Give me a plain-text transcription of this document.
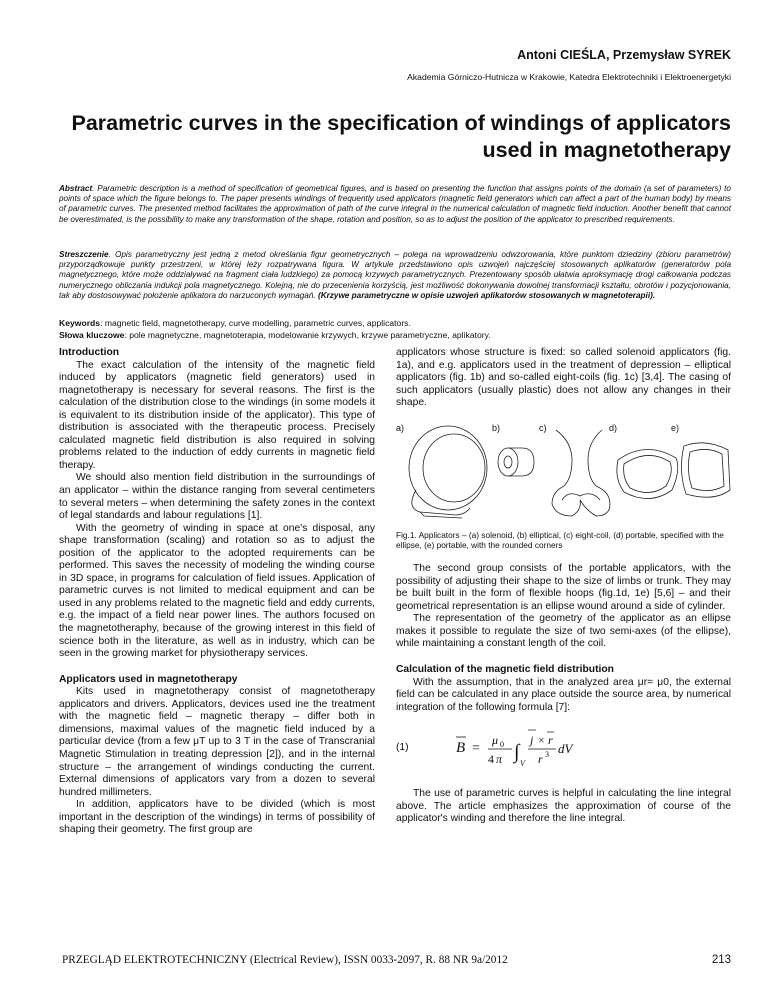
Antoni CIEŚLA, Przemysław SYREK
Akademia Górniczo-Hutnicza w Krakowie, Katedra Elektrotechniki i Elektroenergetyki
Parametric curves in the specification of windings of applicators used in magnetotherapy

Abstract. Parametric description is a method of specification of geometrical figures, and is based on presenting the function that assigns points of the domain (a set of parameters) to points of space which the figure belongs to. The paper presents windings of frequently used applicators (magnetic field generators which can affect a part of the human body) by means of parametric curves. The presented method facilitates the approximation of path of the curve integral in the numerical calculation of magnetic field induction. Another benefit that cannot be overestimated, is the possibility to make any transformation of the shape, rotation and position, so as to adjust the position of the applicator to prescribed requirements.

Streszczenie. Opis parametryczny jest jedną z metod określania figur geometrycznych – polega na wprowadzeniu odwzorowania, które punktom dziedziny (zbioru parametrów) przyporządkowuje punkty przestrzeni, w której leży rozpatrywana figura. W artykule przedstawiono opis uzwojeń najczęściej stosowanych aplikatorów (generatorów pola magnetycznego, które może oddziaływać na fragment ciała ludzkiego) za pomocą krzywych parametrycznych. Prezentowany sposób ułatwia aproksymację drogi całkowania podczas numerycznego obliczania indukcji pola magnetycznego. Kolejną, nie do przecenienia korzyścią, jest możliwość dokonywania dowolnej transformacji kształtu, obrotów i pozycjonowania, tak aby dostosowywać położenie aplikatora do narzuconych wymagań. (Krzywe parametryczne w opisie uzwojeń aplikatorów stosowanych w magnetoterapii).

Keywords: magnetic field, magnetotherapy, curve modelling, parametric curves, applicators.

Słowa kluczowe: pole magnetyczne, magnetoterapia, modelowanie krzywych, krzywe parametryczne, aplikatory.

Introduction

The exact calculation of the intensity of the magnetic field induced by applicators (magnetic field generators) used in magnetotherapy is necessary for several reasons. The first is the calculation of the distribution close to the windings (in some models it is equivalent to its distribution inside of the applicator). This type of distribution is associated with the therapeutic process. Precisely calculated magnetic field distribution is also required in solving problems related to the induction of eddy currents in magnetic field therapy.

We should also mention field distribution in the surroundings of an applicator – within the distance ranging from several centimeters to several meters – when determining the safety zones in the context of legal standards and labour regulations [1].

With the geometry of winding in space at one's disposal, any shape transformation (scaling) and rotation so as to adjust the position of the applicator to the adopted requirements can be performed. This saves the necessity of modeling the winding course in 3D space, in programs for calculation of field issues. Application of parametric curves is not limited to medical equipment and can be used in any problems related to the magnetic field and eddy currents, e.g. the impact of a field near power lines. The authors focused on the magnetotheraphy, because of the growing interest in this field of science both in the literature, as well as in industry, which can be seen in the growing market for physiotherapy services.

Applicators used in magnetotherapy

Kits used in magnetotherapy consist of magnetotherapy applicators and drivers. Applicators, devices used ine the treatment with the magnetic field – magnetic therapy – differ both in dimensions, maximal values of the magnetic field induced by a particular device (from a few μT up to 3 T in the case of Transcranial Magnetic Stimulation in treating depression [2]), and in the internal structure – the arrangement of windings conducting the current. External dimensions of applicators vary from a dozen to several hundred millimeters.

In addition, applicators have to be divided (which is most important in the description of the windings) in terms of possibility of shaping their geometry. The first group are

applicators whose structure is fixed: so called solenoid applicators (fig. 1a), and e.g. applicators used in the treatment of depression – elliptical applicators (fig. 1b) and so-called eight-coils (fig. 1c) [3,4]. The casing of such applicators (usually plastic) does not allow any changes in their shape.

a)	b)	c)	d)	e)

Fig.1. Applicators – (a) solenoid, (b) elliptical, (c) eight-coil, (d) portable, specified with the ellipse, (e) portable, with the rounded corners

The second group consists of the portable applicators, with the possibility of adjusting their shape to the size of limbs or trunk. They may be built built in the form of flexible hoops (fig.1d, 1e) [5,6] – and their geometrical representation is an ellipse wound around a side of cylinder.

The representation of the geometry of the applicator as an ellipse makes it possible to regulate the size of two semi-axes (of the ellipse), while maintaining a constant length of the coil.

Calculation of the magnetic field distribution

With the assumption, that in the analyzed area μr= μ0, the external field can be calculated in any place outside the source area, by numerical integration of the following formula [7]:

(1)	B =
μ 0
4 π ∫
V
j × r
r 3 dV

The use of parametric curves is helpful in calculating the line integral above. The article emphasizes the approximation of course of the applicator's winding and therefore the line integral.

PRZEGLĄD ELEKTROTECHNICZNY (Electrical Review), ISSN 0033-2097, R. 88 NR 9a/2012	213
